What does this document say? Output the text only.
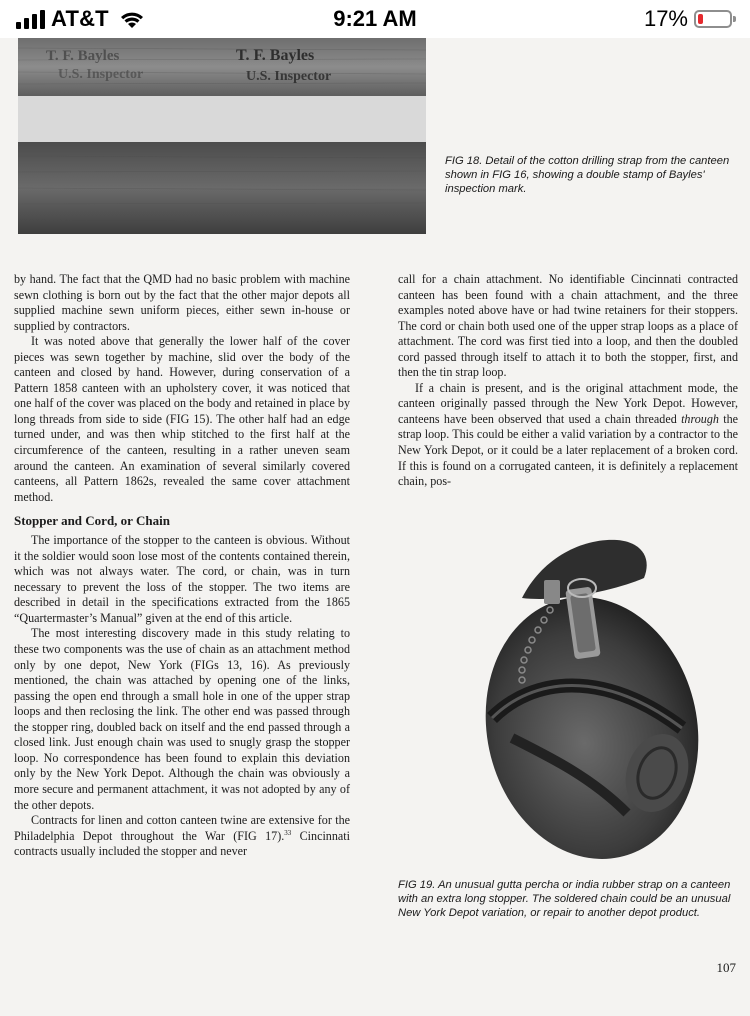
AT&T	9:21 AM	17%
T. F. Bayles
U.S. Inspector
T. F. Bayles
U.S. Inspector
FIG 18. Detail of the cotton drilling strap from the canteen shown in FIG 16, showing a double stamp of Bayles' inspection mark.

by hand. The fact that the QMD had no basic problem with machine sewn clothing is born out by the fact that the other major depots all supplied machine sewn uniform pieces, either sewn in-house or supplied by contractors.

It was noted above that generally the lower half of the cover pieces was sewn together by machine, slid over the body of the canteen and closed by hand. However, during conservation of a Pattern 1858 canteen with an upholstery cover, it was noticed that one half of the cover was placed on the body and retained in place by long threads from side to side (FIG 15). The other half had an edge turned under, and was then whip stitched to the first half at the circumference of the canteen, resulting in a rather uneven seam around the canteen. An examination of several similarly covered canteens, all Pattern 1862s, revealed the same cover attachment method.

Stopper and Cord, or Chain

The importance of the stopper to the canteen is obvious. Without it the soldier would soon lose most of the contents contained therein, which was not always water. The cord, or chain, was in turn necessary to prevent the loss of the stopper. The two items are described in detail in the specifications extracted from the 1865 “Quartermaster’s Manual” given at the end of this article.

The most interesting discovery made in this study relating to these two components was the use of chain as an attachment method only by one depot, New York (FIGs 13, 16). As previously mentioned, the chain was attached by opening one of the links, passing the open end through a small hole in one of the upper strap loops and then reclosing the link. The other end was passed through the stopper ring, doubled back on itself and the end passed through a closed link. Just enough chain was used to snugly grasp the stopper loop. No correspondence has been found to explain this deviation only by the New York Depot. Although the chain was obviously a more secure and permanent attachment, it was not adopted by any of the other depots.

Contracts for linen and cotton canteen twine are extensive for the Philadelphia Depot throughout the War (FIG 17).$^{33}$ Cincinnati contracts usually included the stopper and never

call for a chain attachment. No identifiable Cincinnati contracted canteen has been found with a chain attachment, and the three examples noted above have or had twine retainers for their stoppers. The cord or chain both used one of the upper strap loops as a place of attachment. The cord was first tied into a loop, and then the doubled cord passed through itself to attach it to both the stopper, first, and then the tin strap loop.

If a chain is present, and is the original attachment mode, the canteen originally passed through the New York Depot. However, canteens have been observed that used a chain threaded through the strap loop. This could be either a valid variation by a contractor to the New York Depot, or it could be a later replacement of a broken cord. If this is found on a corrugated canteen, it is definitely a replacement chain, pos-

FIG 19. An unusual gutta percha or india rubber strap on a canteen with an extra long stopper. The soldered chain could be an unusual New York Depot variation, or repair to another depot product.
107
